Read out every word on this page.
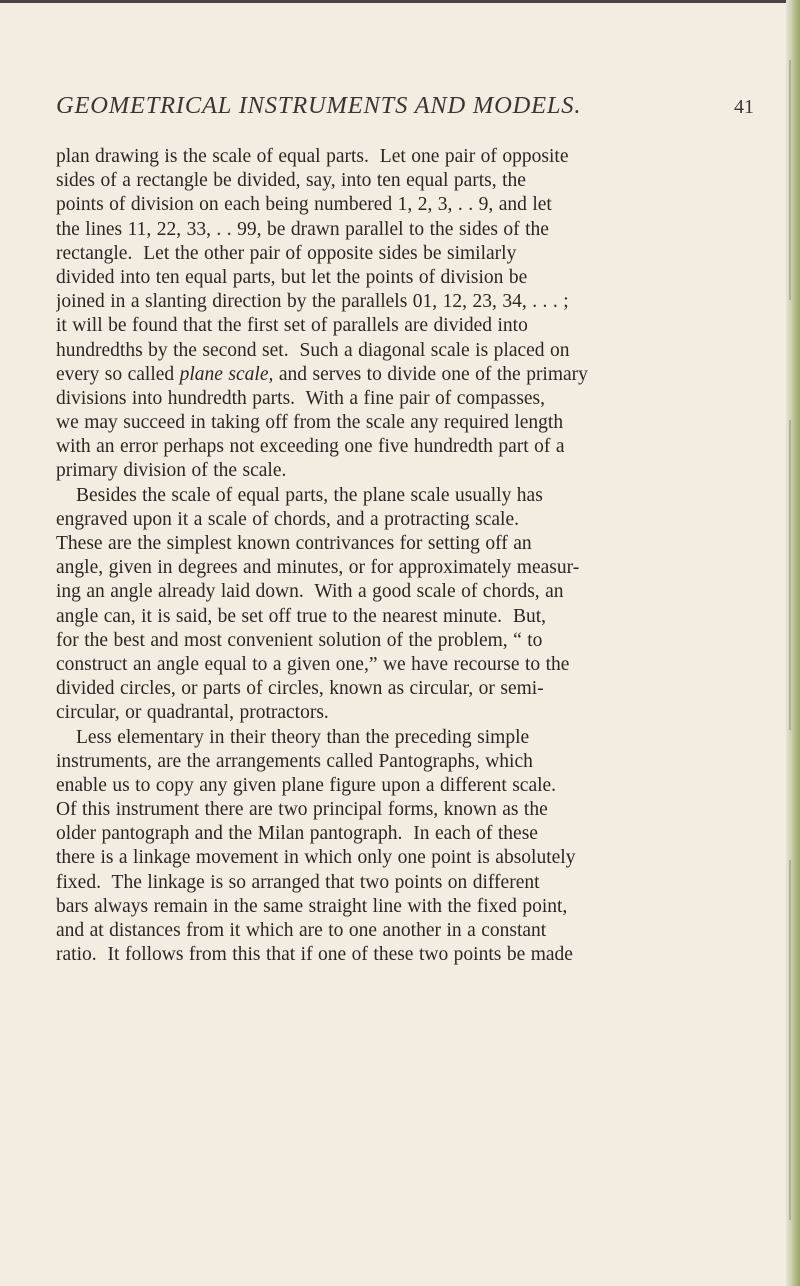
GEOMETRICAL INSTRUMENTS AND MODELS.	41
plan drawing is the scale of equal parts.  Let one pair of opposite
sides of a rectangle be divided, say, into ten equal parts, the
points of division on each being numbered 1, 2, 3, . . 9, and let
the lines 11, 22, 33, . . 99, be drawn parallel to the sides of the
rectangle.  Let the other pair of opposite sides be similarly
divided into ten equal parts, but let the points of division be
joined in a slanting direction by the parallels 01, 12, 23, 34, . . . ;
it will be found that the first set of parallels are divided into
hundredths by the second set.  Such a diagonal scale is placed on
every so called plane scale, and serves to divide one of the primary
divisions into hundredth parts.  With a fine pair of compasses,
we may succeed in taking off from the scale any required length
with an error perhaps not exceeding one five hundredth part of a
primary division of the scale.
Besides the scale of equal parts, the plane scale usually has
engraved upon it a scale of chords, and a protracting scale.
These are the simplest known contrivances for setting off an
angle, given in degrees and minutes, or for approximately measur-
ing an angle already laid down.  With a good scale of chords, an
angle can, it is said, be set off true to the nearest minute.  But,
for the best and most convenient solution of the problem, “ to
construct an angle equal to a given one,” we have recourse to the
divided circles, or parts of circles, known as circular, or semi-
circular, or quadrantal, protractors.
Less elementary in their theory than the preceding simple
instruments, are the arrangements called Pantographs, which
enable us to copy any given plane figure upon a different scale.
Of this instrument there are two principal forms, known as the
older pantograph and the Milan pantograph.  In each of these
there is a linkage movement in which only one point is absolutely
fixed.  The linkage is so arranged that two points on different
bars always remain in the same straight line with the fixed point,
and at distances from it which are to one another in a constant
ratio.  It follows from this that if one of these two points be made
